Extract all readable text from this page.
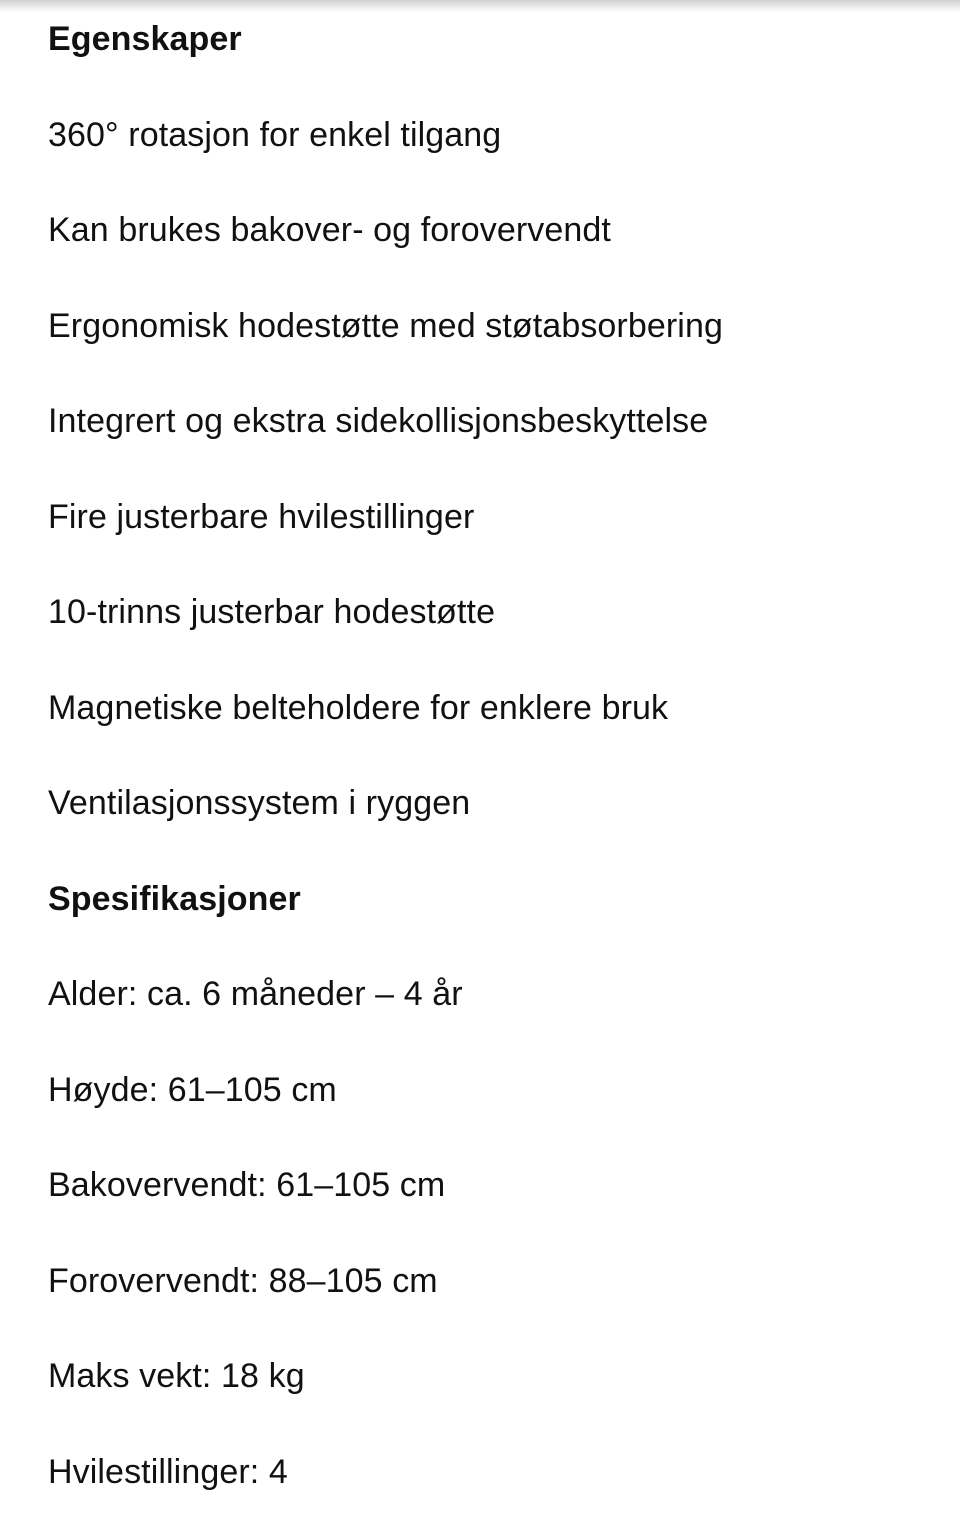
Egenskaper
360° rotasjon for enkel tilgang
Kan brukes bakover- og forovervendt
Ergonomisk hodestøtte med støtabsorbering
Integrert og ekstra sidekollisjonsbeskyttelse
Fire justerbare hvilestillinger
10-trinns justerbar hodestøtte
Magnetiske belteholdere for enklere bruk
Ventilasjonssystem i ryggen
Spesifikasjoner
Alder: ca. 6 måneder – 4 år
Høyde: 61–105 cm
Bakovervendt: 61–105 cm
Forovervendt: 88–105 cm
Maks vekt: 18 kg
Hvilestillinger: 4
